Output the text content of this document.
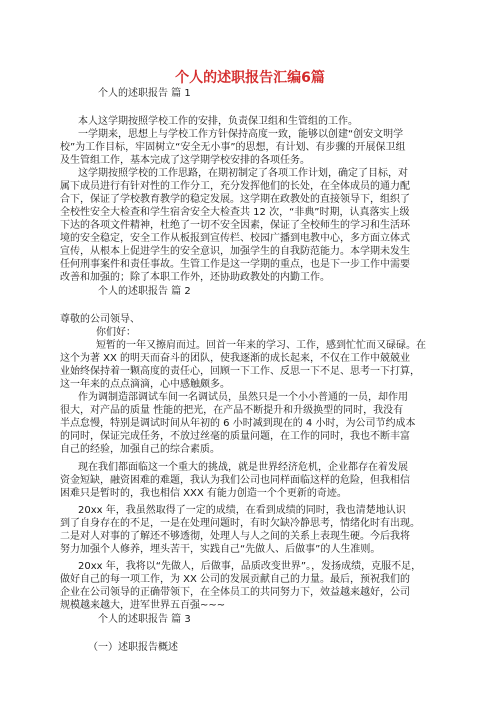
个人的述职报告汇编6篇
个人的述职报告 篇 1
本人这学期按照学校工作的安排，负责保卫组和生管组的工作。
一学期来，思想上与学校工作方针保持高度一致，能够以创建“创安文明学
校”为工作目标，牢固树立“安全无小事”的思想，有计划、有步骤的开展保卫组
及生管组工作，基本完成了这学期学校安排的各项任务。
这学期按照学校的工作思路，在期初制定了各项工作计划，确定了目标，对
属下成员进行有针对性的工作分工，充分发挥他们的长处，在全体成员的通力配
合下，保证了学校教育教学的稳定发展。这学期在政教处的直接领导下，组织了
全校性安全大检查和学生宿舍安全大检查共 12 次，“非典”时期，认真落实上级
下达的各项文件精神，杜绝了一切不安全因素，保证了全校师生的学习和生活环
境的安全稳定，安全工作从板报到宣传栏、校园广播到电教中心，多方面立体式
宣传，从根本上促进学生的安全意识，加强学生的自我防范能力。本学期未发生
任何刑事案件和责任事故。生管工作是这一学期的重点，也是下一步工作中需要
改善和加强的；除了本职工作外，还协助政教处的内勤工作。
个人的述职报告 篇 2
尊敬的公司领导、
你们好：
短暂的一年又擦肩而过。回首一年来的学习、工作，感到忙忙而又碌碌。在
这个为著 XX 的明天而奋斗的团队，使我逐渐的成长起来，不仅在工作中兢兢业
业始终保持着一颗高度的责任心，回顾一下工作、反思一下不足、思考一下打算，
这一年来的点点滴滴，心中感触颇多。
作为调制造部调试车间一名调试员，虽然只是一个小小普通的一员，却作用
很大，对产品的质量 性能的把光，在产品不断提升和升级换型的同时，我没有
半点怠慢，特别是调试时间从年初的 6 小时减到现在的 4 小时，为公司节约成本
的同时，保证完成任务，不放过丝毫的质量问题，在工作的同时，我也不断丰富
自己的经验，加强自己的综合素质。
现在我们都面临这一个重大的挑战，就是世界经济危机，企业都存在着发展
资金短缺，融资困难的难题，我认为我们公司也同样面临这样的危险，但我相信
困难只是暂时的，我也相信 XXX 有能力创造一个个更新的奇迹。
20xx 年，我虽然取得了一定的成绩，在看到成绩的同时，我也清楚地认识
到了自身存在的不足，一是在处理问题时，有时欠缺冷静思考，情绪化时有出现。
二是对人对事的了解还不够透彻，处理人与人之间的关系上表现生硬。今后我将
努力加强个人修养，埋头苦干，实践自己“先做人、后做事”的人生准则。
20xx 年，我将以“先做人，后做事，品质改变世界”。，发扬成绩，克服不足，
做好自己的每一项工作，为 XX 公司的发展贡献自己的力量。最后，预祝我们的
企业在公司领导的正确带领下，在全体员工的共同努力下，效益越来越好，公司
规模越来越大，进军世界五百强~~~
个人的述职报告 篇 3
（一）述职报告概述
